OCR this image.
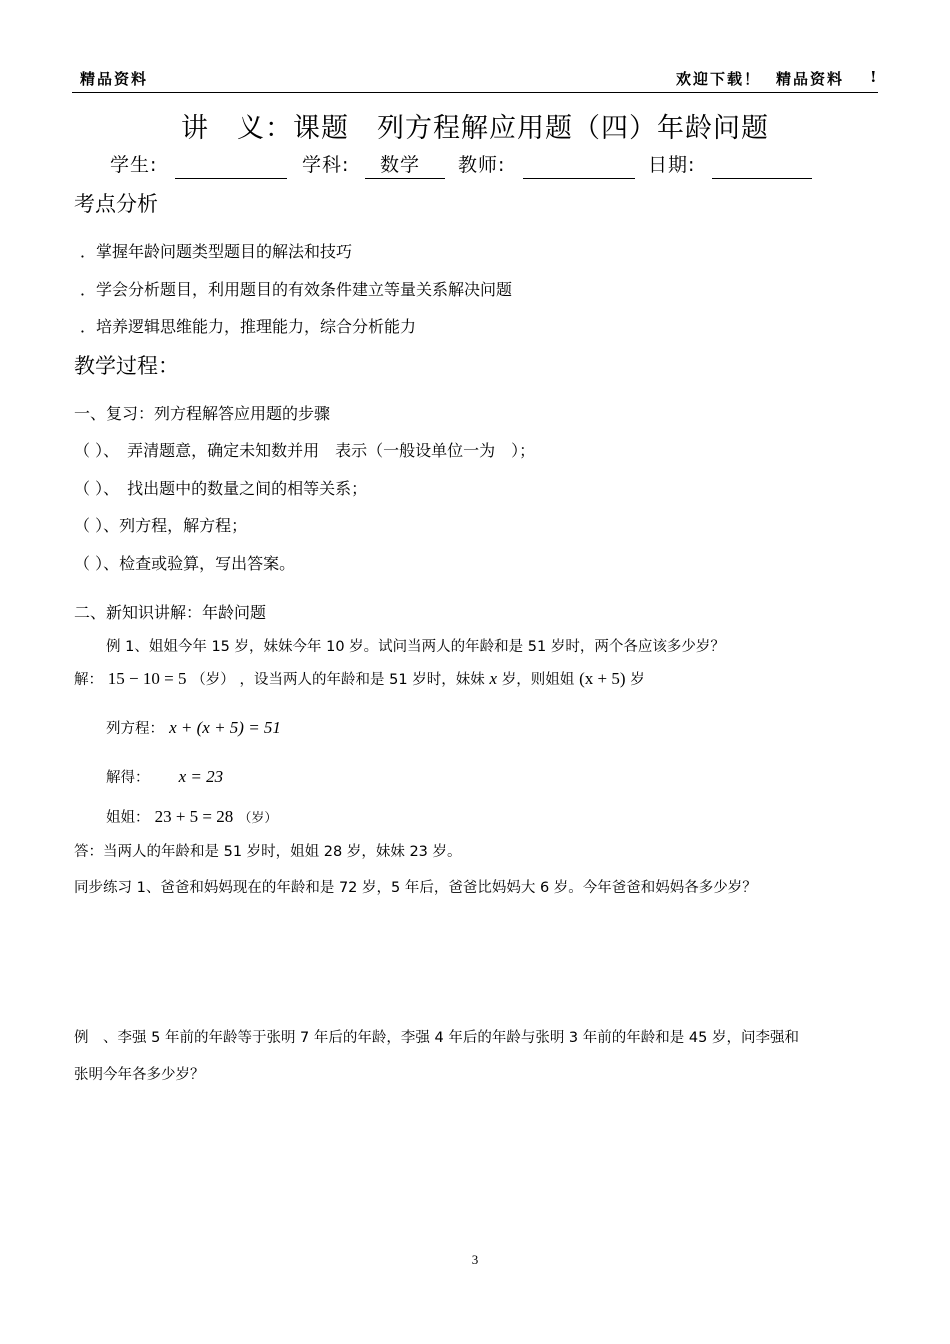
精品资料	欢迎下载！ 精品资料 !
讲　义：课题　列方程解应用题（四）年龄问题
学生:	学科: 数学 教师:	日期:
考点分析
．掌握年龄问题类型题目的解法和技巧
．学会分析题目，利用题目的有效条件建立等量关系解决问题
．培养逻辑思维能力，推理能力，综合分析能力
教学过程：
一、复习：列方程解答应用题的步骤
（ ）、　弄清题意，确定未知数并用　表示（一般设单位一为　）；
（ ）、　找出题中的数量之间的相等关系；
（ ）、列方程，解方程；
（ ）、检查或验算，写出答案。
二、新知识讲解：年龄问题
例 1、姐姐今年 15 岁，妹妹今年 10 岁。试问当两人的年龄和是 51 岁时，两个各应该多少岁？
解： 15 − 10 = 5 （岁） ，设当两人的年龄和是 51 岁时，妹妹 x 岁，则姐姐 (x + 5) 岁
列方程： x + (x + 5) = 51
解得： x = 23
姐姐： 23 + 5 = 28 （岁）
答：当两人的年龄和是 51 岁时，姐姐 28 岁，妹妹 23 岁。
同步练习 1、爸爸和妈妈现在的年龄和是 72 岁，5 年后，爸爸比妈妈大 6 岁。今年爸爸和妈妈各多少岁？
例　、李强 5 年前的年龄等于张明 7 年后的年龄，李强 4 年后的年龄与张明 3 年前的年龄和是 45 岁，问李强和
张明今年各多少岁？
3
